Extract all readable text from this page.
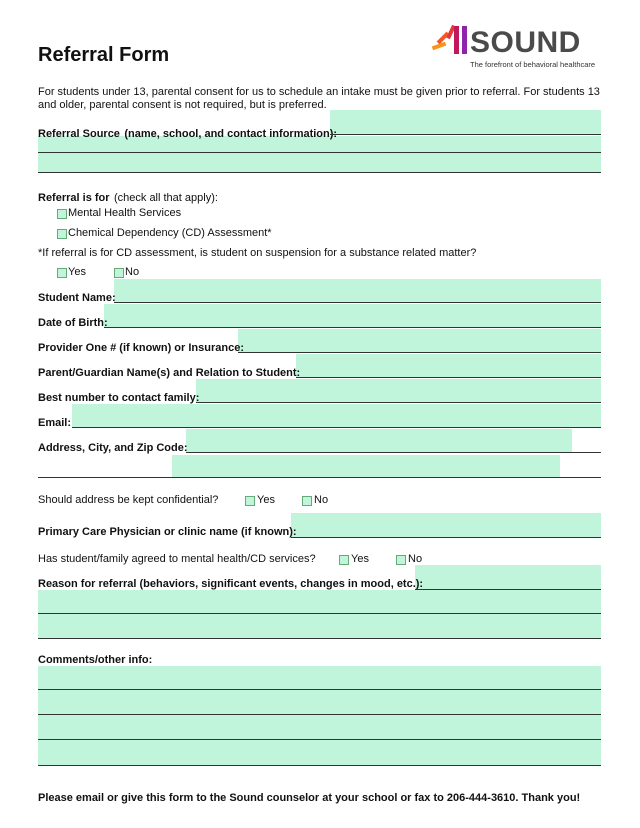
Referral Form	SOUND
The forefront of behavioral healthcare
For students under 13, parental consent for us to schedule an intake must be given prior to referral. For students 13 and older, parental consent is not required, but is preferred.
Referral Source (name, school, and contact information):
Referral is for (check all that apply):
Mental Health Services
Chemical Dependency (CD) Assessment*
*If referral is for CD assessment, is student on suspension for a substance related matter?
Yes	No
Student Name:
Date of Birth:
Provider One # (if known) or Insurance:
Parent/Guardian Name(s) and Relation to Student:
Best number to contact family:
Email:
Address, City, and Zip Code:
Should address be kept confidential?	Yes	No
Primary Care Physician or clinic name (if known):
Has student/family agreed to mental health/CD services?	Yes	No
Reason for referral (behaviors, significant events, changes in mood, etc.):
Comments/other info:
Please email or give this form to the Sound counselor at your school or fax to 206-444-3610. Thank you!
